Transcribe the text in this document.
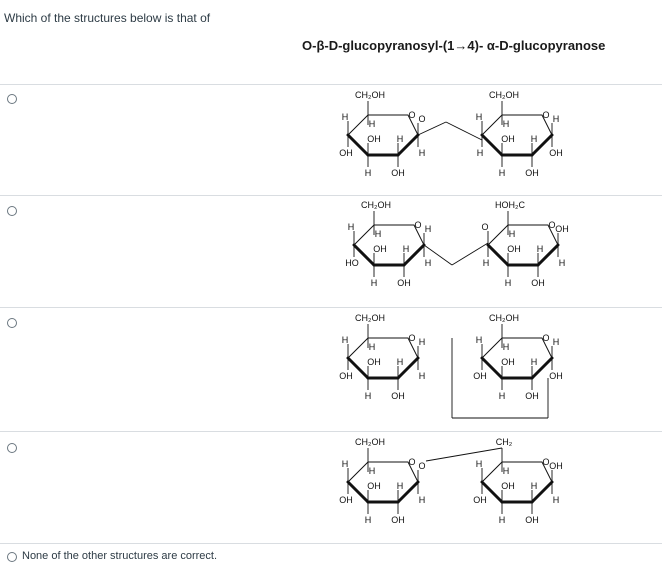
Which of the structures below is that of
O-β-D-glucopyranosyl-(1→4)- α-D-glucopyranose
None of the other structures are correct.
O
CH₂OH
H
H
OH
OH
H
H
OH
O
H
O
CH₂OH
H
H
H
OH
H
H
OH
H
OH
O
CH₂OH
H
H
HO
OH
H
H
OH
H
H
O
HOH₂C
H
O
H
OH
H
H
OH
OH
H
O
CH₂OH
H
H
OH
OH
H
H
OH
H
H
O
CH₂OH
H
H
OH
OH
H
H
OH
H
OH
O
CH₂OH
H
H
OH
OH
H
H
OH
O
H
O
CH₂
H
H
OH
OH
H
H
OH
OH
H
